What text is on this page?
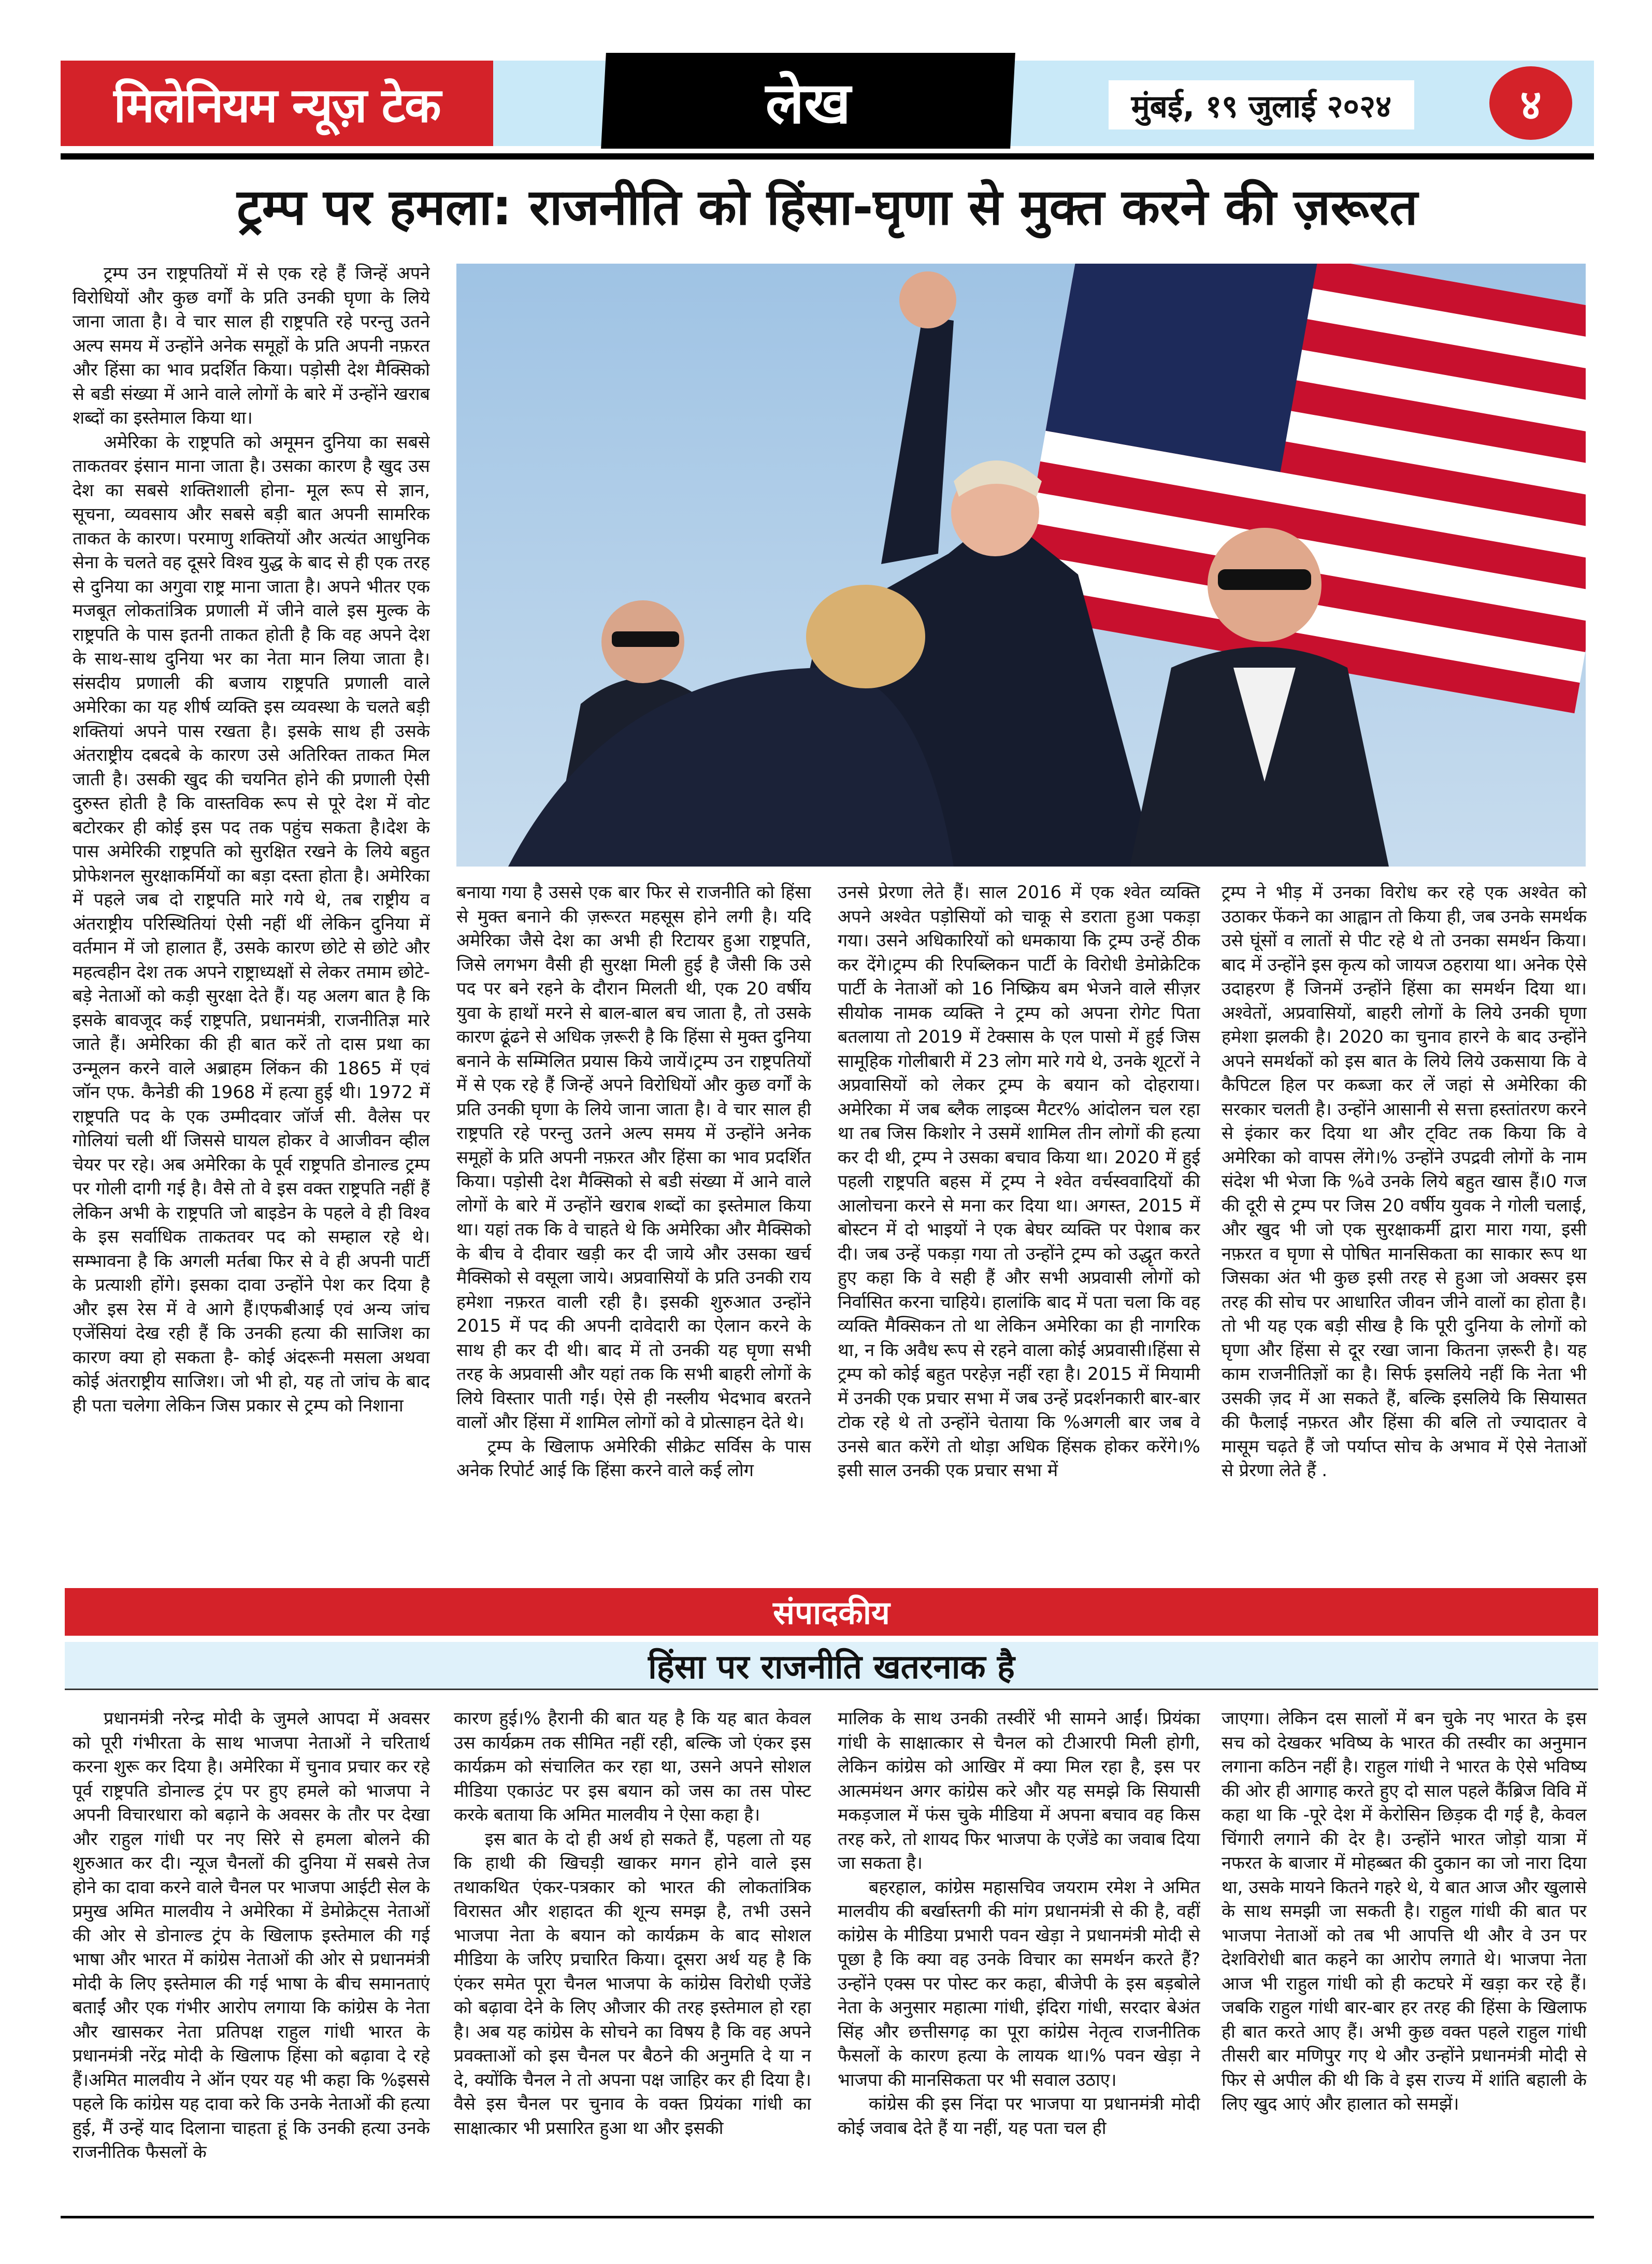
मिलेनियम न्यूज़ टेक	लेख	मुंबई, १९ जुलाई २०२४	४
ट्रम्प पर हमला: राजनीति को हिंसा-घृणा से मुक्त करने की ज़रूरत

ट्रम्प उन राष्ट्रपतियों में से एक रहे हैं जिन्हें अपने विरोधियों और कुछ वर्गों के प्रति उनकी घृणा के लिये जाना जाता है। वे चार साल ही राष्ट्रपति रहे परन्तु उतने अल्प समय में उन्होंने अनेक समूहों के प्रति अपनी नफ़रत और हिंसा का भाव प्रदर्शित किया। पड़ोसी देश मैक्सिको से बडी संख्या में आने वाले लोगों के बारे में उन्होंने खराब शब्दों का इस्तेमाल किया था।

अमेरिका के राष्ट्रपति को अमूमन दुनिया का सबसे ताकतवर इंसान माना जाता है। उसका कारण है खुद उस देश का सबसे शक्तिशाली होना- मूल रूप से ज्ञान, सूचना, व्यवसाय और सबसे बड़ी बात अपनी सामरिक ताकत के कारण। परमाणु शक्तियों और अत्यंत आधुनिक सेना के चलते वह दूसरे विश्व युद्ध के बाद से ही एक तरह से दुनिया का अगुवा राष्ट्र माना जाता है। अपने भीतर एक मजबूत लोकतांत्रिक प्रणाली में जीने वाले इस मुल्क के राष्ट्रपति के पास इतनी ताकत होती है कि वह अपने देश के साथ-साथ दुनिया भर का नेता मान लिया जाता है। संसदीय प्रणाली की बजाय राष्ट्रपति प्रणाली वाले अमेरिका का यह शीर्ष व्यक्ति इस व्यवस्था के चलते बड़ी शक्तियां अपने पास रखता है। इसके साथ ही उसके अंतराष्ट्रीय दबदबे के कारण उसे अतिरिक्त ताकत मिल जाती है। उसकी खुद की चयनित होने की प्रणाली ऐसी दुरुस्त होती है कि वास्तविक रूप से पूरे देश में वोट बटोरकर ही कोई इस पद तक पहुंच सकता है।देश के पास अमेरिकी राष्ट्रपति को सुरक्षित रखने के लिये बहुत प्रोफेशनल सुरक्षाकर्मियों का बड़ा दस्ता होता है। अमेरिका में पहले जब दो राष्ट्रपति मारे गये थे, तब राष्ट्रीय व अंतराष्ट्रीय परिस्थितियां ऐसी नहीं थीं लेकिन दुनिया में वर्तमान में जो हालात हैं, उसके कारण छोटे से छोटे और महत्वहीन देश तक अपने राष्ट्राध्यक्षों से लेकर तमाम छोटे-बड़े नेताओं को कड़ी सुरक्षा देते हैं। यह अलग बात है कि इसके बावजूद कई राष्ट्रपति, प्रधानमंत्री, राजनीतिज्ञ मारे जाते हैं। अमेरिका की ही बात करें तो दास प्रथा का उन्मूलन करने वाले अब्राहम लिंकन की 1865 में एवं जॉन एफ. कैनेडी की 1968 में हत्या हुई थी। 1972 में राष्ट्रपति पद के एक उम्मीदवार जॉर्ज सी. वैलेस पर गोलियां चली थीं जिससे घायल होकर वे आजीवन व्हील चेयर पर रहे। अब अमेरिका के पूर्व राष्ट्रपति डोनाल्ड ट्रम्प पर गोली दागी गई है। वैसे तो वे इस वक्त राष्ट्रपति नहीं हैं लेकिन अभी के राष्ट्रपति जो बाइडेन के पहले वे ही विश्व के इस सर्वाधिक ताकतवर पद को सम्हाल रहे थे। सम्भावना है कि अगली मर्तबा फिर से वे ही अपनी पार्टी के प्रत्याशी होंगे। इसका दावा उन्होंने पेश कर दिया है और इस रेस में वे आगे हैं।एफबीआई एवं अन्य जांच एजेंसियां देख रही हैं कि उनकी हत्या की साजिश का कारण क्या हो सकता है- कोई अंदरूनी मसला अथवा कोई अंतराष्ट्रीय साजिश। जो भी हो, यह तो जांच के बाद ही पता चलेगा लेकिन जिस प्रकार से ट्रम्प को निशाना

बनाया गया है उससे एक बार फिर से राजनीति को हिंसा से मुक्त बनाने की ज़रूरत महसूस होने लगी है। यदि अमेरिका जैसे देश का अभी ही रिटायर हुआ राष्ट्रपति, जिसे लगभग वैसी ही सुरक्षा मिली हुई है जैसी कि उसे पद पर बने रहने के दौरान मिलती थी, एक 20 वर्षीय युवा के हाथों मरने से बाल-बाल बच जाता है, तो उसके कारण ढूंढने से अधिक ज़रूरी है कि हिंसा से मुक्त दुनिया बनाने के सम्मिलित प्रयास किये जायें।ट्रम्प उन राष्ट्रपतियों में से एक रहे हैं जिन्हें अपने विरोधियों और कुछ वर्गों के प्रति उनकी घृणा के लिये जाना जाता है। वे चार साल ही राष्ट्रपति रहे परन्तु उतने अल्प समय में उन्होंने अनेक समूहों के प्रति अपनी नफ़रत और हिंसा का भाव प्रदर्शित किया। पड़ोसी देश मैक्सिको से बडी संख्या में आने वाले लोगों के बारे में उन्होंने खराब शब्दों का इस्तेमाल किया था। यहां तक कि वे चाहते थे कि अमेरिका और मैक्सिको के बीच वे दीवार खड़ी कर दी जाये और उसका खर्च मैक्सिको से वसूला जाये। अप्रवासियों के प्रति उनकी राय हमेशा नफ़रत वाली रही है। इसकी शुरुआत उन्होंने 2015 में पद की अपनी दावेदारी का ऐलान करने के साथ ही कर दी थी। बाद में तो उनकी यह घृणा सभी तरह के अप्रवासी और यहां तक कि सभी बाहरी लोगों के लिये विस्तार पाती गई। ऐसे ही नस्लीय भेदभाव बरतने वालों और हिंसा में शामिल लोगों को वे प्रोत्साहन देते थे।

ट्रम्प के खिलाफ अमेरिकी सीक्रेट सर्विस के पास अनेक रिपोर्ट आई कि हिंसा करने वाले कई लोग

उनसे प्रेरणा लेते हैं। साल 2016 में एक श्वेत व्यक्ति अपने अश्वेत पड़ोसियों को चाकू से डराता हुआ पकड़ा गया। उसने अधिकारियों को धमकाया कि ट्रम्प उन्हें ठीक कर देंगे।ट्रम्प की रिपब्लिकन पार्टी के विरोधी डेमोक्रेटिक पार्टी के नेताओं को 16 निष्क्रिय बम भेजने वाले सीज़र सीयोक नामक व्यक्ति ने ट्रम्प को अपना रोगेट पिता बतलाया तो 2019 में टेक्सास के एल पासो में हुई जिस सामूहिक गोलीबारी में 23 लोग मारे गये थे, उनके शूटरों ने अप्रवासियों को लेकर ट्रम्प के बयान को दोहराया। अमेरिका में जब ब्लैक लाइव्स मैटर% आंदोलन चल रहा था तब जिस किशोर ने उसमें शामिल तीन लोगों की हत्या कर दी थी, ट्रम्प ने उसका बचाव किया था। 2020 में हुई पहली राष्ट्रपति बहस में ट्रम्प ने श्वेत वर्चस्ववादियों की आलोचना करने से मना कर दिया था। अगस्त, 2015 में बोस्टन में दो भाइयों ने एक बेघर व्यक्ति पर पेशाब कर दी। जब उन्हें पकड़ा गया तो उन्होंने ट्रम्प को उद्धृत करते हुए कहा कि वे सही हैं और सभी अप्रवासी लोगों को निर्वासित करना चाहिये। हालांकि बाद में पता चला कि वह व्यक्ति मैक्सिकन तो था लेकिन अमेरिका का ही नागरिक था, न कि अवैध रूप से रहने वाला कोई अप्रवासी।हिंसा से ट्रम्प को कोई बहुत परहेज़ नहीं रहा है। 2015 में मियामी में उनकी एक प्रचार सभा में जब उन्हें प्रदर्शनकारी बार-बार टोक रहे थे तो उन्होंने चेताया कि %अगली बार जब वे उनसे बात करेंगे तो थोड़ा अधिक हिंसक होकर करेंगे।% इसी साल उनकी एक प्रचार सभा में

ट्रम्प ने भीड़ में उनका विरोध कर रहे एक अश्वेत को उठाकर फेंकने का आह्वान तो किया ही, जब उनके समर्थक उसे घूंसों व लातों से पीट रहे थे तो उनका समर्थन किया। बाद में उन्होंने इस कृत्य को जायज ठहराया था। अनेक ऐसे उदाहरण हैं जिनमें उन्होंने हिंसा का समर्थन दिया था। अश्वेतों, अप्रवासियों, बाहरी लोगों के लिये उनकी घृणा हमेशा झलकी है। 2020 का चुनाव हारने के बाद उन्होंने अपने समर्थकों को इस बात के लिये लिये उकसाया कि वे कैपिटल हिल पर कब्जा कर लें जहां से अमेरिका की सरकार चलती है। उन्होंने आसानी से सत्ता हस्तांतरण करने से इंकार कर दिया था और ट्विट तक किया कि वे अमेरिका को वापस लेंगे।% उन्होंने उपद्रवी लोगों के नाम संदेश भी भेजा कि %वे उनके लिये बहुत खास हैं।0 गज की दूरी से ट्रम्प पर जिस 20 वर्षीय युवक ने गोली चलाई, और खुद भी जो एक सुरक्षाकर्मी द्वारा मारा गया, इसी नफ़रत व घृणा से पोषित मानसिकता का साकार रूप था जिसका अंत भी कुछ इसी तरह से हुआ जो अक्सर इस तरह की सोच पर आधारित जीवन जीने वालों का होता है। तो भी यह एक बड़ी सीख है कि पूरी दुनिया के लोगों को घृणा और हिंसा से दूर रखा जाना कितना ज़रूरी है। यह काम राजनीतिज्ञों का है। सिर्फ इसलिये नहीं कि नेता भी उसकी ज़द में आ सकते हैं, बल्कि इसलिये कि सियासत की फैलाई नफ़रत और हिंसा की बलि तो ज्यादातर वे मासूम चढ़ते हैं जो पर्याप्त सोच के अभाव में ऐसे नेताओं से प्रेरणा लेते हैं .

संपादकीय
हिंसा पर राजनीति खतरनाक है

प्रधानमंत्री नरेन्द्र मोदी के जुमले आपदा में अवसर को पूरी गंभीरता के साथ भाजपा नेताओं ने चरितार्थ करना शुरू कर दिया है। अमेरिका में चुनाव प्रचार कर रहे पूर्व राष्ट्रपति डोनाल्ड ट्रंप पर हुए हमले को भाजपा ने अपनी विचारधारा को बढ़ाने के अवसर के तौर पर देखा और राहुल गांधी पर नए सिरे से हमला बोलने की शुरुआत कर दी। न्यूज चैनलों की दुनिया में सबसे तेज होने का दावा करने वाले चैनल पर भाजपा आईटी सेल के प्रमुख अमित मालवीय ने अमेरिका में डेमोक्रेट्स नेताओं की ओर से डोनाल्ड ट्रंप के खिलाफ इस्तेमाल की गई भाषा और भारत में कांग्रेस नेताओं की ओर से प्रधानमंत्री मोदी के लिए इस्तेमाल की गई भाषा के बीच समानताएं बताईं और एक गंभीर आरोप लगाया कि कांग्रेस के नेता और खासकर नेता प्रतिपक्ष राहुल गांधी भारत के प्रधानमंत्री नरेंद्र मोदी के खिलाफ हिंसा को बढ़ावा दे रहे हैं।अमित मालवीय ने ऑन एयर यह भी कहा कि %इससे पहले कि कांग्रेस यह दावा करे कि उनके नेताओं की हत्या हुई, मैं उन्हें याद दिलाना चाहता हूं कि उनकी हत्या उनके राजनीतिक फैसलों के

कारण हुई।% हैरानी की बात यह है कि यह बात केवल उस कार्यक्रम तक सीमित नहीं रही, बल्कि जो एंकर इस कार्यक्रम को संचालित कर रहा था, उसने अपने सोशल मीडिया एकाउंट पर इस बयान को जस का तस पोस्ट करके बताया कि अमित मालवीय ने ऐसा कहा है।

इस बात के दो ही अर्थ हो सकते हैं, पहला तो यह कि हाथी की खिचड़ी खाकर मगन होने वाले इस तथाकथित एंकर-पत्रकार को भारत की लोकतांत्रिक विरासत और शहादत की शून्य समझ है, तभी उसने भाजपा नेता के बयान को कार्यक्रम के बाद सोशल मीडिया के जरिए प्रचारित किया। दूसरा अर्थ यह है कि एंकर समेत पूरा चैनल भाजपा के कांग्रेस विरोधी एजेंडे को बढ़ावा देने के लिए औजार की तरह इस्तेमाल हो रहा है। अब यह कांग्रेस के सोचने का विषय है कि वह अपने प्रवक्ताओं को इस चैनल पर बैठने की अनुमति दे या न दे, क्योंकि चैनल ने तो अपना पक्ष जाहिर कर ही दिया है। वैसे इस चैनल पर चुनाव के वक्त प्रियंका गांधी का साक्षात्कार भी प्रसारित हुआ था और इसकी

मालिक के साथ उनकी तस्वीरें भी सामने आईं। प्रियंका गांधी के साक्षात्कार से चैनल को टीआरपी मिली होगी, लेकिन कांग्रेस को आखिर में क्या मिल रहा है, इस पर आत्ममंथन अगर कांग्रेस करे और यह समझे कि सियासी मकड़जाल में फंस चुके मीडिया में अपना बचाव वह किस तरह करे, तो शायद फिर भाजपा के एजेंडे का जवाब दिया जा सकता है।

बहरहाल, कांग्रेस महासचिव जयराम रमेश ने अमित मालवीय की बर्खास्तगी की मांग प्रधानमंत्री से की है, वहीं कांग्रेस के मीडिया प्रभारी पवन खेड़ा ने प्रधानमंत्री मोदी से पूछा है कि क्या वह उनके विचार का समर्थन करते हैं? उन्होंने एक्स पर पोस्ट कर कहा, बीजेपी के इस बड़बोले नेता के अनुसार महात्मा गांधी, इंदिरा गांधी, सरदार बेअंत सिंह और छत्तीसगढ़ का पूरा कांग्रेस नेतृत्व राजनीतिक फैसलों के कारण हत्या के लायक था।% पवन खेड़ा ने भाजपा की मानसिकता पर भी सवाल उठाए।

कांग्रेस की इस निंदा पर भाजपा या प्रधानमंत्री मोदी कोई जवाब देते हैं या नहीं, यह पता चल ही

जाएगा। लेकिन दस सालों में बन चुके नए भारत के इस सच को देखकर भविष्य के भारत की तस्वीर का अनुमान लगाना कठिन नहीं है। राहुल गांधी ने भारत के ऐसे भविष्य की ओर ही आगाह करते हुए दो साल पहले कैंब्रिज विवि में कहा था कि -पूरे देश में केरोसिन छिड़क दी गई है, केवल चिंगारी लगाने की देर है। उन्होंने भारत जोड़ो यात्रा में नफरत के बाजार में मोहब्बत की दुकान का जो नारा दिया था, उसके मायने कितने गहरे थे, ये बात आज और खुलासे के साथ समझी जा सकती है। राहुल गांधी की बात पर भाजपा नेताओं को तब भी आपत्ति थी और वे उन पर देशविरोधी बात कहने का आरोप लगाते थे। भाजपा नेता आज भी राहुल गांधी को ही कटघरे में खड़ा कर रहे हैं। जबकि राहुल गांधी बार-बार हर तरह की हिंसा के खिलाफ ही बात करते आए हैं। अभी कुछ वक्त पहले राहुल गांधी तीसरी बार मणिपुर गए थे और उन्होंने प्रधानमंत्री मोदी से फिर से अपील की थी कि वे इस राज्य में शांति बहाली के लिए खुद आएं और हालात को समझें।
